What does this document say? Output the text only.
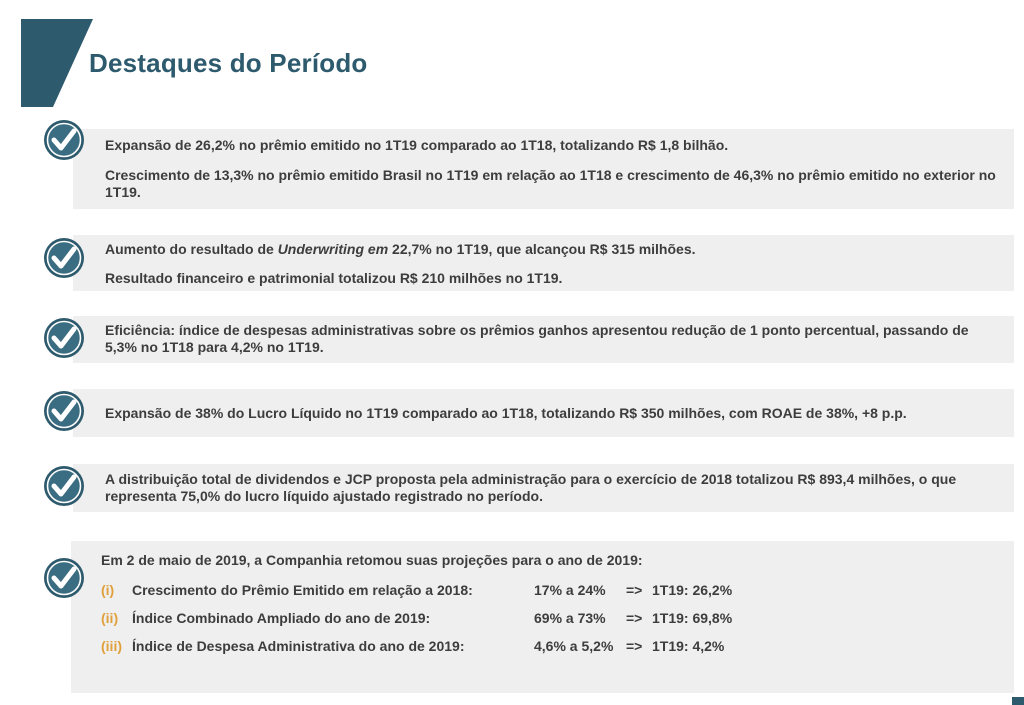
Destaques do Período

Expansão de 26,2% no prêmio emitido no 1T19 comparado ao 1T18, totalizando R$ 1,8 bilhão.

Crescimento de 13,3% no prêmio emitido Brasil no 1T19 em relação ao 1T18 e crescimento de 46,3% no prêmio emitido no exterior no 1T19.

Aumento do resultado de Underwriting em 22,7% no 1T19, que alcançou R$ 315 milhões.

Resultado financeiro e patrimonial totalizou R$ 210 milhões no 1T19.

Eficiência: índice de despesas administrativas sobre os prêmios ganhos apresentou redução de 1 ponto percentual, passando de 5,3% no 1T18 para 4,2% no 1T19.

Expansão de 38% do Lucro Líquido no 1T19 comparado ao 1T18, totalizando R$ 350 milhões, com ROAE de 38%, +8 p.p.

A distribuição total de dividendos e JCP proposta pela administração para o exercício de 2018 totalizou R$ 893,4 milhões, o que representa 75,0% do lucro líquido ajustado registrado no período.

Em 2 de maio de 2019, a Companhia retomou suas projeções para o ano de 2019:

(i) Crescimento do Prêmio Emitido em relação a 2018:	17% a 24% => 1T19: 26,2%
(ii) Índice Combinado Ampliado do ano de 2019:	69% a 73% => 1T19: 69,8%
(iii) Índice de Despesa Administrativa do ano de 2019:	4,6% a 5,2% => 1T19: 4,2%
